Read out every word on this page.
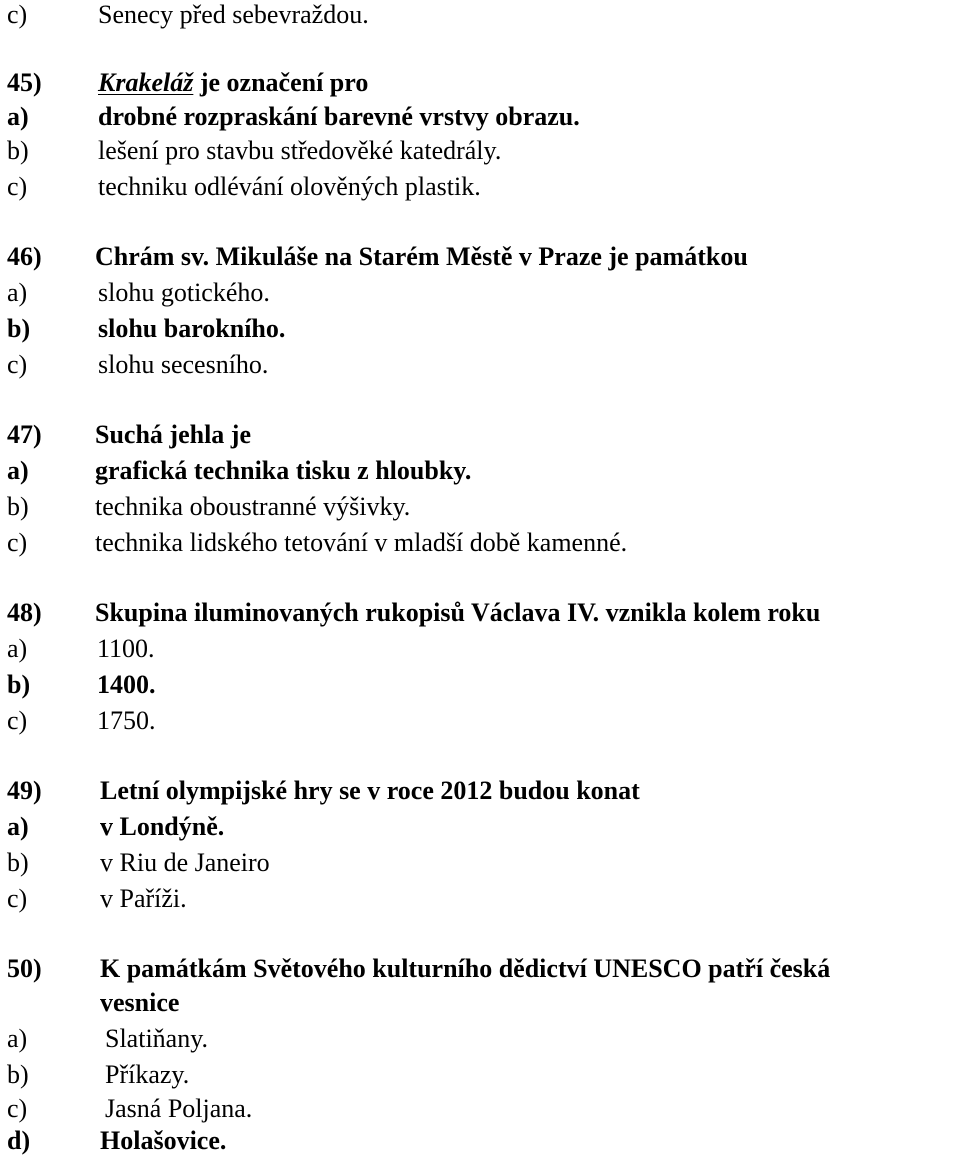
c)	Senecy před sebevraždou.
45) Krakeláž je označení pro
a)	drobné rozpraskání barevné vrstvy obrazu.
b)	lešení pro stavbu středověké katedrály.
c)	techniku odlévání olověných plastik.
46) Chrám sv. Mikuláše na Starém Městě v Praze je památkou
a)	slohu gotického.
b)	slohu barokního.
c)	slohu secesního.
47) Suchá jehla je
a)	grafická technika tisku z hloubky.
b)	technika oboustranné výšivky.
c)	technika lidského tetování v mladší době kamenné.
48) Skupina iluminovaných rukopisů Václava IV. vznikla kolem roku
a)	1100.
b)	1400.
c)	1750.
49) Letní olympijské hry se v roce 2012 budou konat
a)	v Londýně.
b)	v Riu de Janeiro
c)	v Paříži.
50) K památkám Světového kulturního dědictví UNESCO patří česká
vesnice
a)	Slatiňany.
b)	Příkazy.
c)	Jasná Poljana.
d)	Holašovice.
